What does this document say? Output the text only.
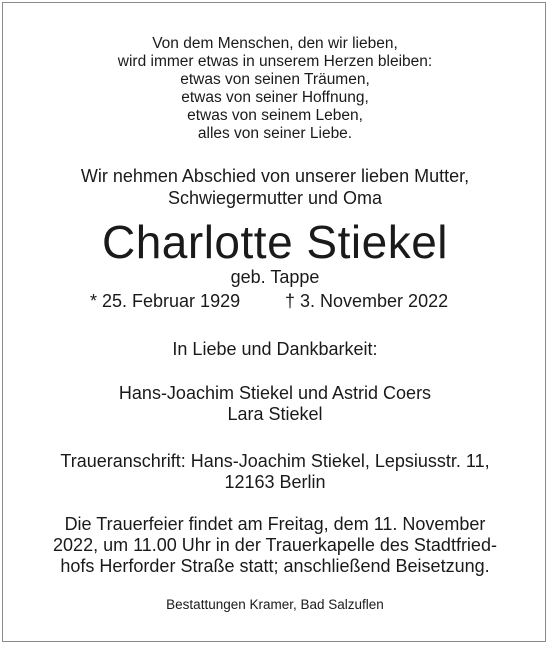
Von dem Menschen, den wir lieben,
wird immer etwas in unserem Herzen bleiben:
etwas von seinen Träumen,
etwas von seiner Hoffnung,
etwas von seinem Leben,
alles von seiner Liebe.
Wir nehmen Abschied von unserer lieben Mutter,
Schwiegermutter und Oma
Charlotte Stiekel
geb. Tappe
* 25. Februar 1929 † 3. November 2022
In Liebe und Dankbarkeit:
Hans-Joachim Stiekel und Astrid Coers
Lara Stiekel
Traueranschrift: Hans-Joachim Stiekel, Lepsiusstr. 11,
12163 Berlin
Die Trauerfeier findet am Freitag, dem 11. November
2022, um 11.00 Uhr in der Trauerkapelle des Stadtfried-
hofs Herforder Straße statt; anschließend Beisetzung.
Bestattungen Kramer, Bad Salzuflen
